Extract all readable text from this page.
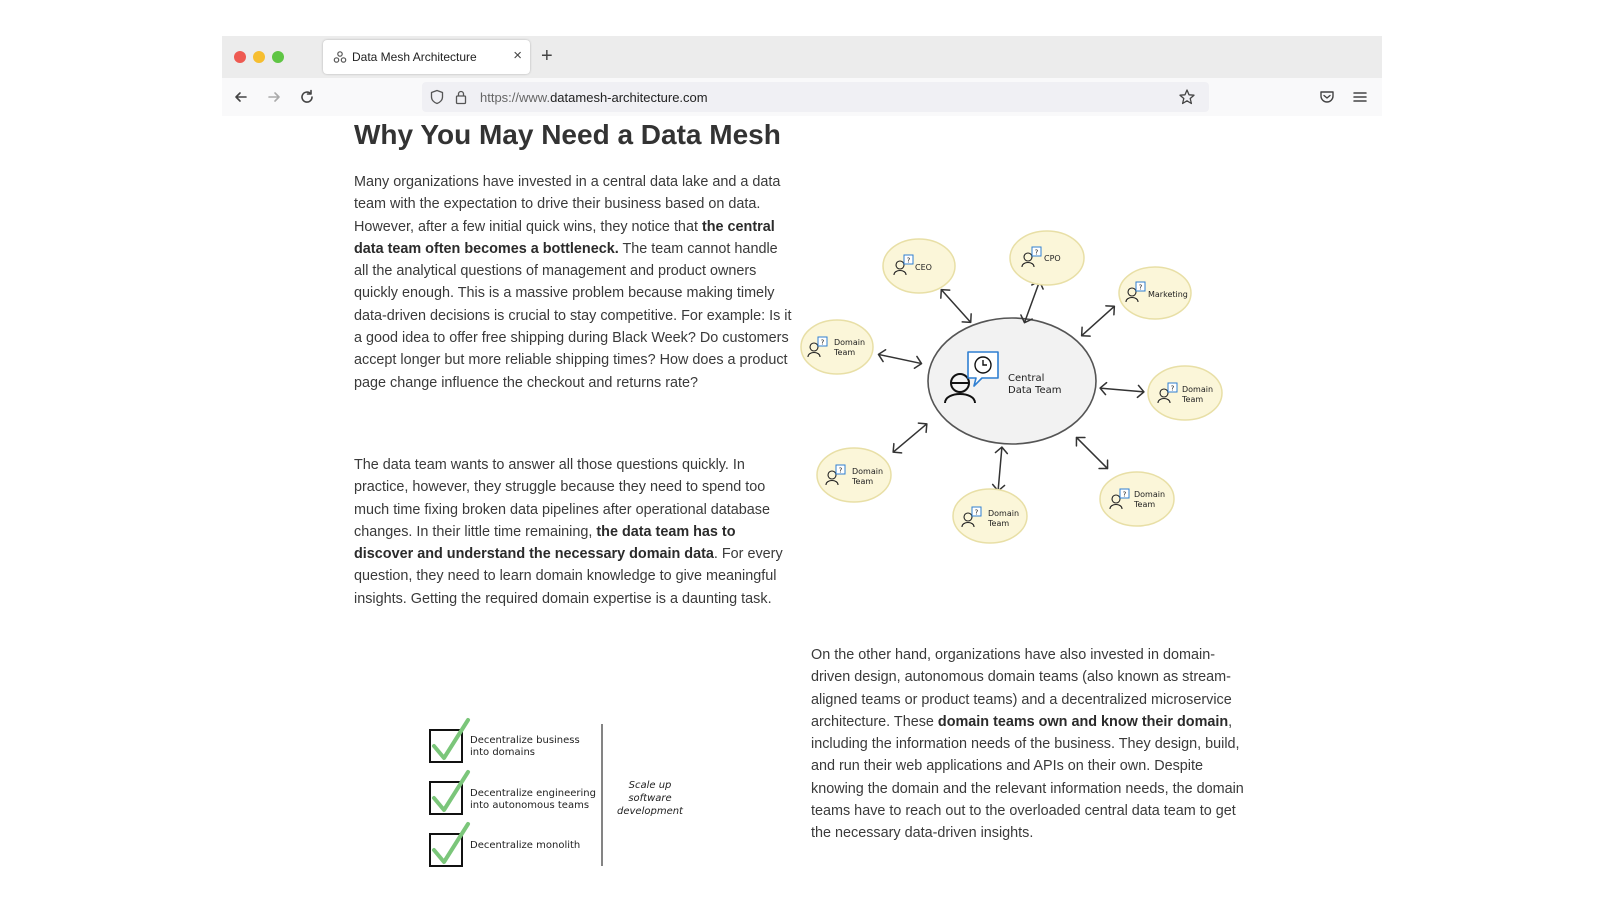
Data Mesh Architecture × +
https://www.datamesh-architecture.com
Why You May Need a Data Mesh

Many organizations have invested in a central data lake and a data team with the expectation to drive their business based on data. However, after a few initial quick wins, they notice that the central data team often becomes a bottleneck. The team cannot handle all the analytical questions of management and product owners quickly enough. This is a massive problem because making timely data-driven decisions is crucial to stay competitive. For example: Is it a good idea to offer free shipping during Black Week? Do customers accept longer but more reliable shipping times? How does a product page change influence the checkout and returns rate?

The data team wants to answer all those questions quickly. In practice, however, they struggle because they need to spend too much time fixing broken data pipelines after operational database changes. In their little time remaining, the data team has to discover and understand the necessary domain data. For every question, they need to learn domain knowledge to give meaningful insights. Getting the required domain expertise is a daunting task.

On the other hand, organizations have also invested in domain-driven design, autonomous domain teams (also known as stream-aligned teams or product teams) and a decentralized microservice architecture. These domain teams own and know their domain, including the information needs of the business. They design, build, and run their web applications and APIs on their own. Despite knowing the domain and the relevant information needs, the domain teams have to reach out to the overloaded central data team to get the necessary data-driven insights.

?
Central
Data Team
CEO
CPO
Marketing
Domain
Team
Domain
Team
Domain
Team
Domain
Team
Domain
Team
Decentralize business
into domains
Decentralize engineering
into autonomous teams
Decentralize monolith
Scale up
software
development
